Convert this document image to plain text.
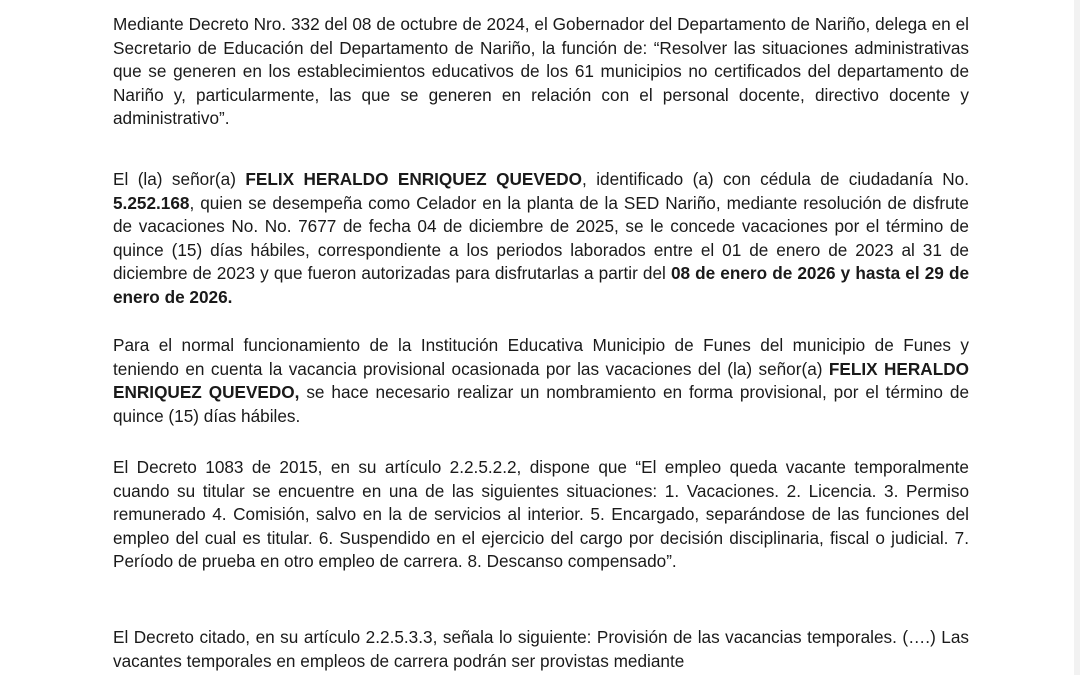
Mediante Decreto Nro. 332 del 08 de octubre de 2024, el Gobernador del Departamento de Nariño, delega en el Secretario de Educación del Departamento de Nariño, la función de: “Resolver las situaciones administrativas que se generen en los establecimientos educativos de los 61 municipios no certificados del departamento de Nariño y, particularmente, las que se generen en relación con el personal docente, directivo docente y administrativo”.

El (la) señor(a) FELIX HERALDO ENRIQUEZ QUEVEDO, identificado (a) con cédula de ciudadanía No. 5.252.168, quien se desempeña como Celador en la planta de la SED Nariño, mediante resolución de disfrute de vacaciones No. No. 7677 de fecha 04 de diciembre de 2025, se le concede vacaciones por el término de quince (15) días hábiles, correspondiente a los periodos laborados entre el 01 de enero de 2023 al 31 de diciembre de 2023 y que fueron autorizadas para disfrutarlas a partir del 08 de enero de 2026 y hasta el 29 de enero de 2026.

Para el normal funcionamiento de la Institución Educativa Municipio de Funes del municipio de Funes y teniendo en cuenta la vacancia provisional ocasionada por las vacaciones del (la) señor(a) FELIX HERALDO ENRIQUEZ QUEVEDO, se hace necesario realizar un nombramiento en forma provisional, por el término de quince (15) días hábiles.

El Decreto 1083 de 2015, en su artículo 2.2.5.2.2, dispone que “El empleo queda vacante temporalmente cuando su titular se encuentre en una de las siguientes situaciones: 1. Vacaciones. 2. Licencia. 3. Permiso remunerado 4. Comisión, salvo en la de servicios al interior. 5. Encargado, separándose de las funciones del empleo del cual es titular. 6. Suspendido en el ejercicio del cargo por decisión disciplinaria, fiscal o judicial. 7. Período de prueba en otro empleo de carrera. 8. Descanso compensado”.

El Decreto citado, en su artículo 2.2.5.3.3, señala lo siguiente: Provisión de las vacancias temporales. (….) Las vacantes temporales en empleos de carrera podrán ser provistas mediante
